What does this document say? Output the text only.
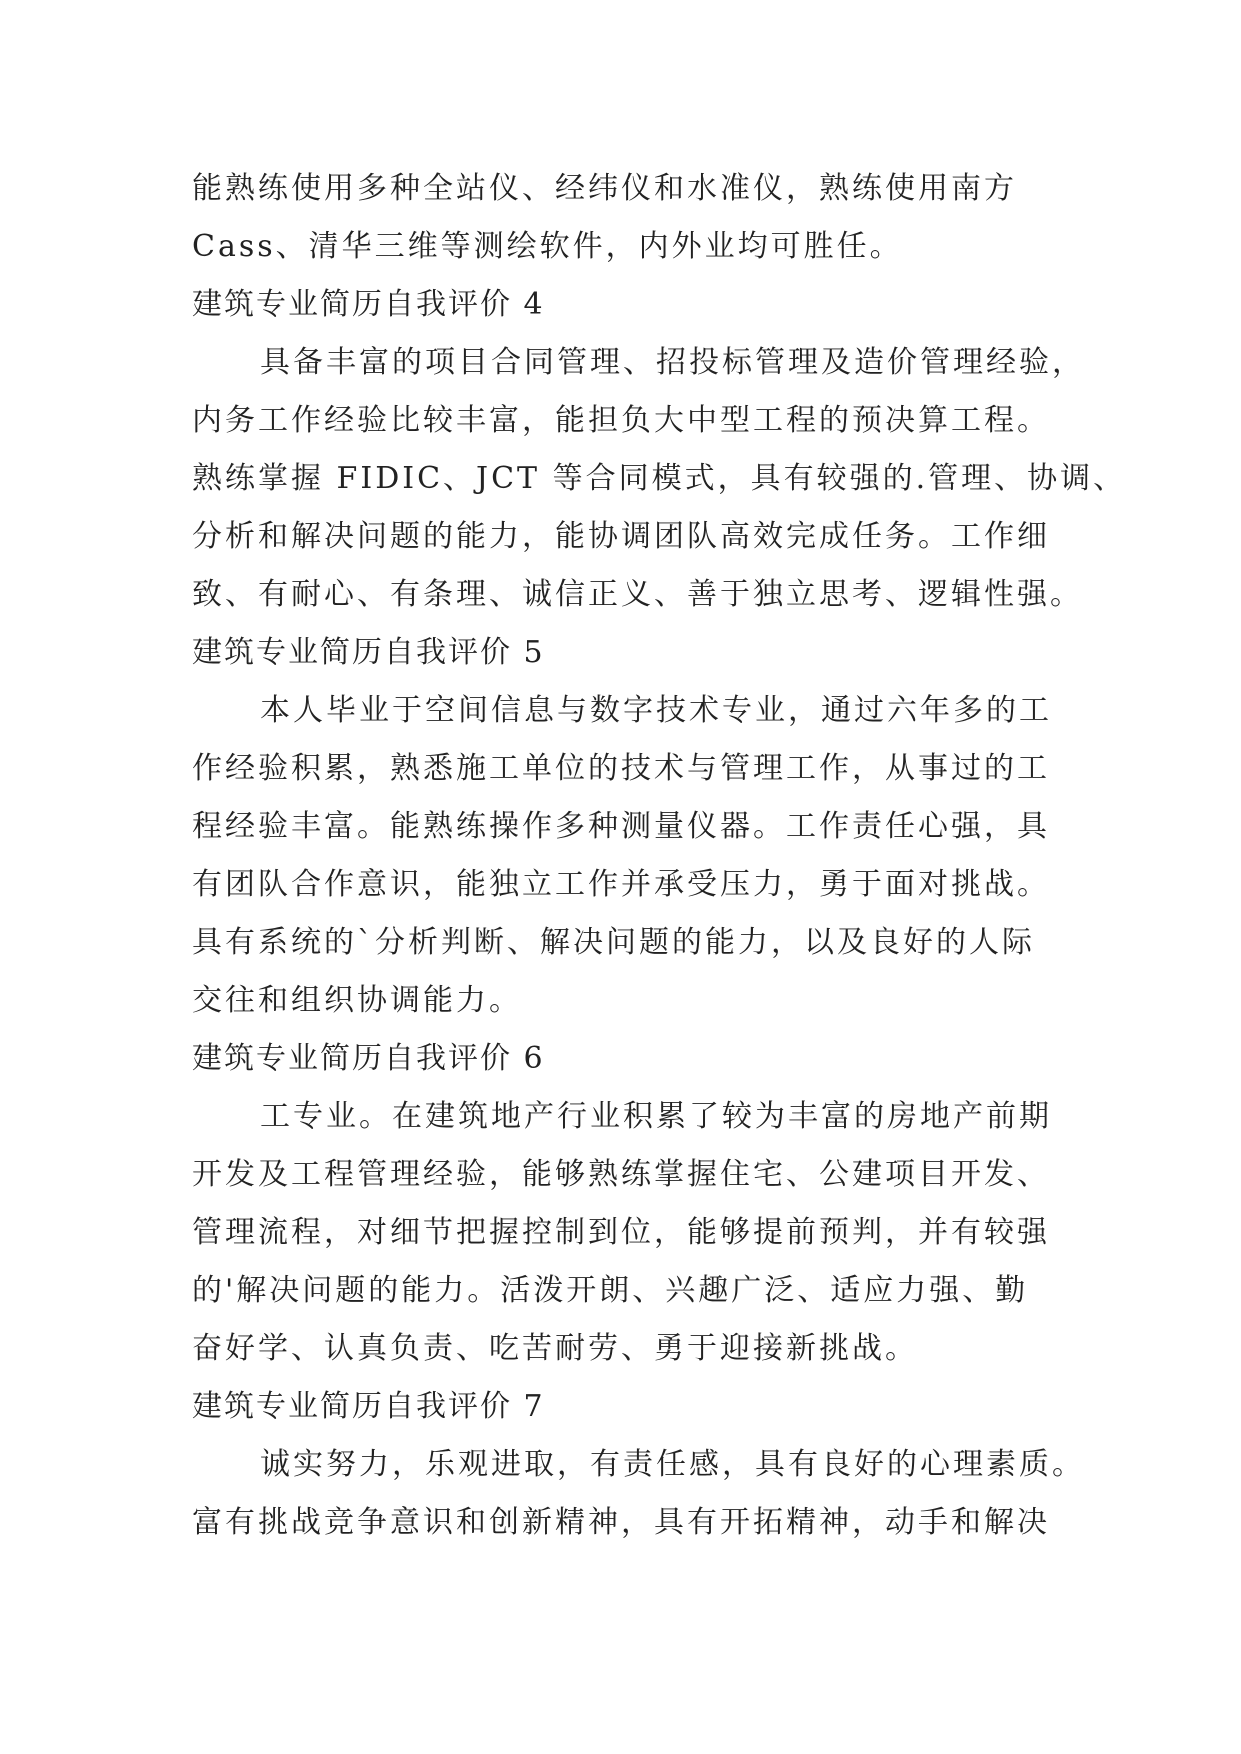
能熟练使用多种全站仪、经纬仪和水准仪，熟练使用南方
Cass、清华三维等测绘软件，内外业均可胜任。
建筑专业简历自我评价 4
具备丰富的项目合同管理、招投标管理及造价管理经验，
内务工作经验比较丰富，能担负大中型工程的预决算工程。
熟练掌握 FIDIC、JCT 等合同模式，具有较强的.管理、协调、
分析和解决问题的能力，能协调团队高效完成任务。工作细
致、有耐心、有条理、诚信正义、善于独立思考、逻辑性强。
建筑专业简历自我评价 5
本人毕业于空间信息与数字技术专业，通过六年多的工
作经验积累，熟悉施工单位的技术与管理工作，从事过的工
程经验丰富。能熟练操作多种测量仪器。工作责任心强，具
有团队合作意识，能独立工作并承受压力，勇于面对挑战。
具有系统的`分析判断、解决问题的能力，以及良好的人际
交往和组织协调能力。
建筑专业简历自我评价 6
工专业。在建筑地产行业积累了较为丰富的房地产前期
开发及工程管理经验，能够熟练掌握住宅、公建项目开发、
管理流程，对细节把握控制到位，能够提前预判，并有较强
的'解决问题的能力。活泼开朗、兴趣广泛、适应力强、勤
奋好学、认真负责、吃苦耐劳、勇于迎接新挑战。
建筑专业简历自我评价 7
诚实努力，乐观进取，有责任感，具有良好的心理素质。
富有挑战竞争意识和创新精神，具有开拓精神，动手和解决
